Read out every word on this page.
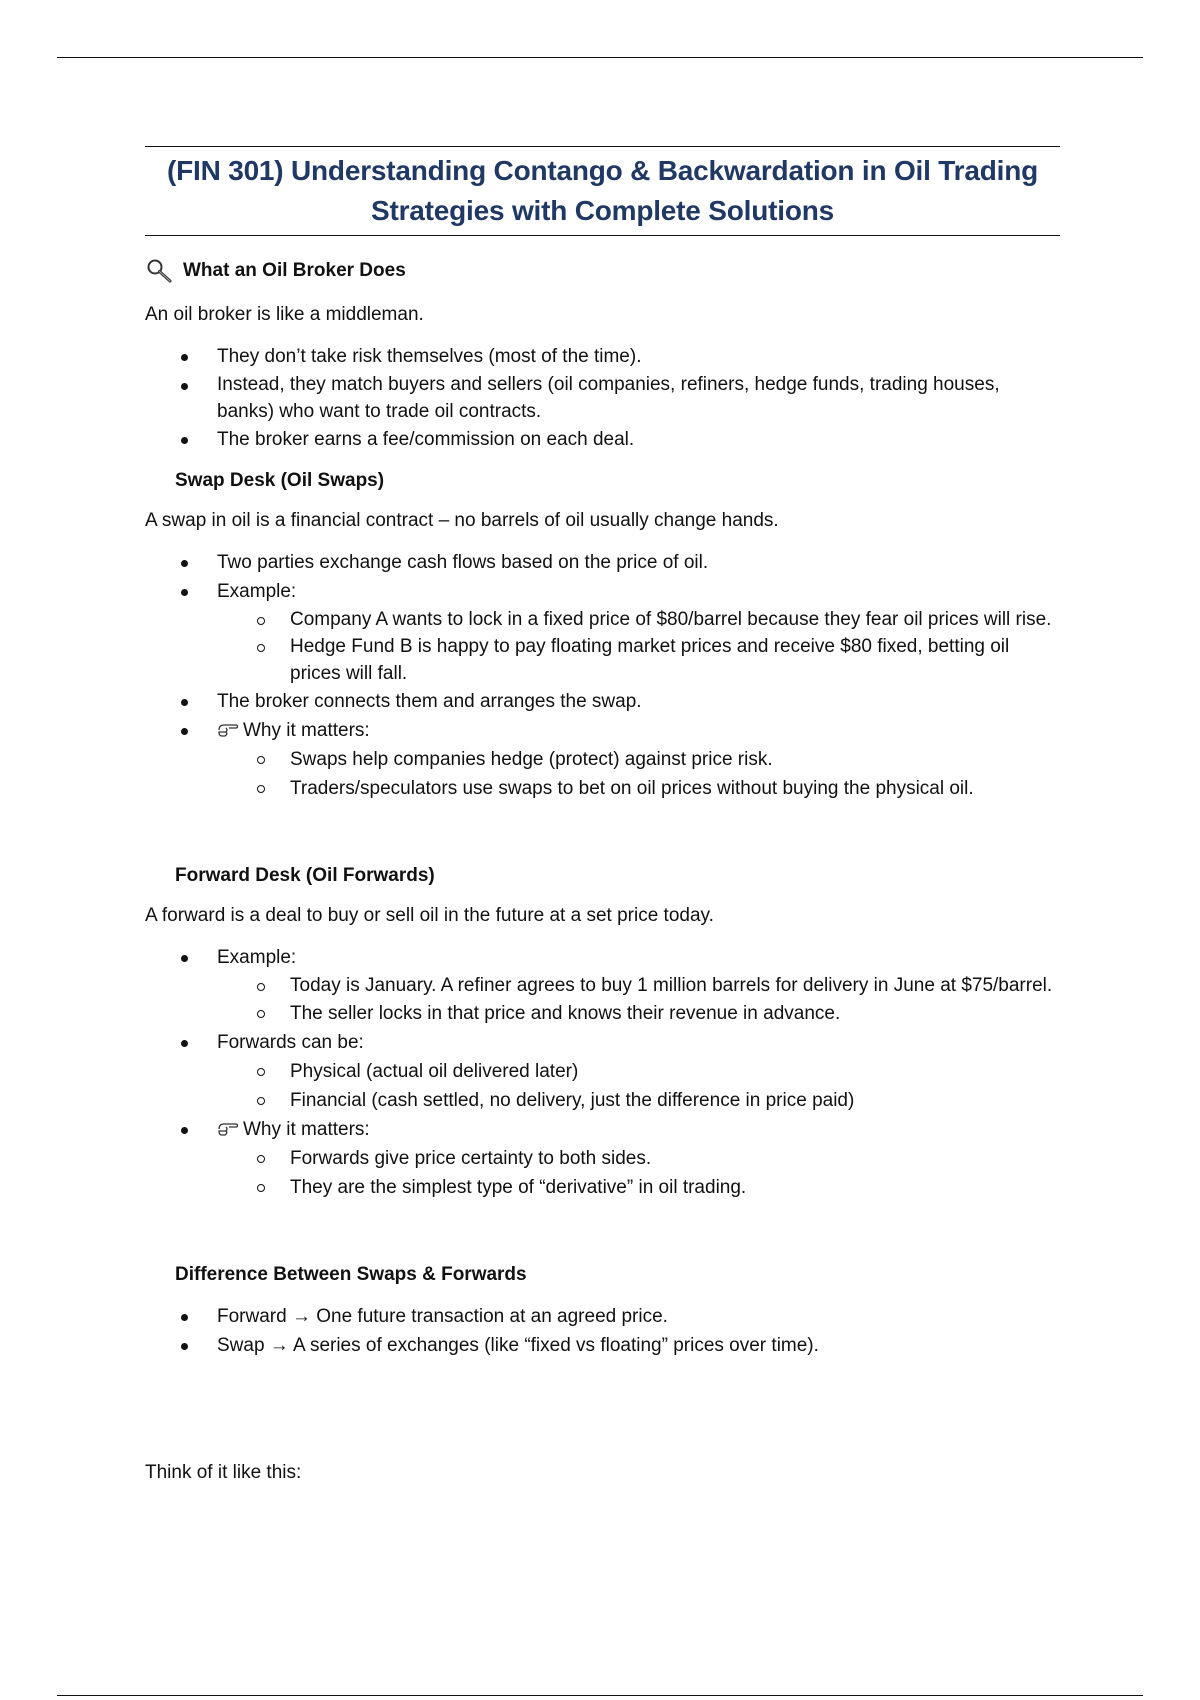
(FIN 301) Understanding Contango & Backwardation in Oil Trading Strategies with Complete Solutions
What an Oil Broker Does

An oil broker is like a middleman.

They don’t take risk themselves (most of the time).
Instead, they match buyers and sellers (oil companies, refiners, hedge funds, trading houses, banks) who want to trade oil contracts.
The broker earns a fee/commission on each deal.
Swap Desk (Oil Swaps)

A swap in oil is a financial contract – no barrels of oil usually change hands.

Two parties exchange cash flows based on the price of oil.
Example:
Company A wants to lock in a fixed price of $80/barrel because they fear oil prices will rise.
Hedge Fund B is happy to pay floating market prices and receive $80 fixed, betting oil prices will fall.
The broker connects them and arranges the swap.
Why it matters:
Swaps help companies hedge (protect) against price risk.
Traders/speculators use swaps to bet on oil prices without buying the physical oil.
Forward Desk (Oil Forwards)

A forward is a deal to buy or sell oil in the future at a set price today.

Example:
Today is January. A refiner agrees to buy 1 million barrels for delivery in June at $75/barrel.
The seller locks in that price and knows their revenue in advance.
Forwards can be:
Physical (actual oil delivered later)
Financial (cash settled, no delivery, just the difference in price paid)
Why it matters:
Forwards give price certainty to both sides.
They are the simplest type of “derivative” in oil trading.
Difference Between Swaps & Forwards
Forward → One future transaction at an agreed price.
Swap → A series of exchanges (like “fixed vs floating” prices over time).

Think of it like this:
